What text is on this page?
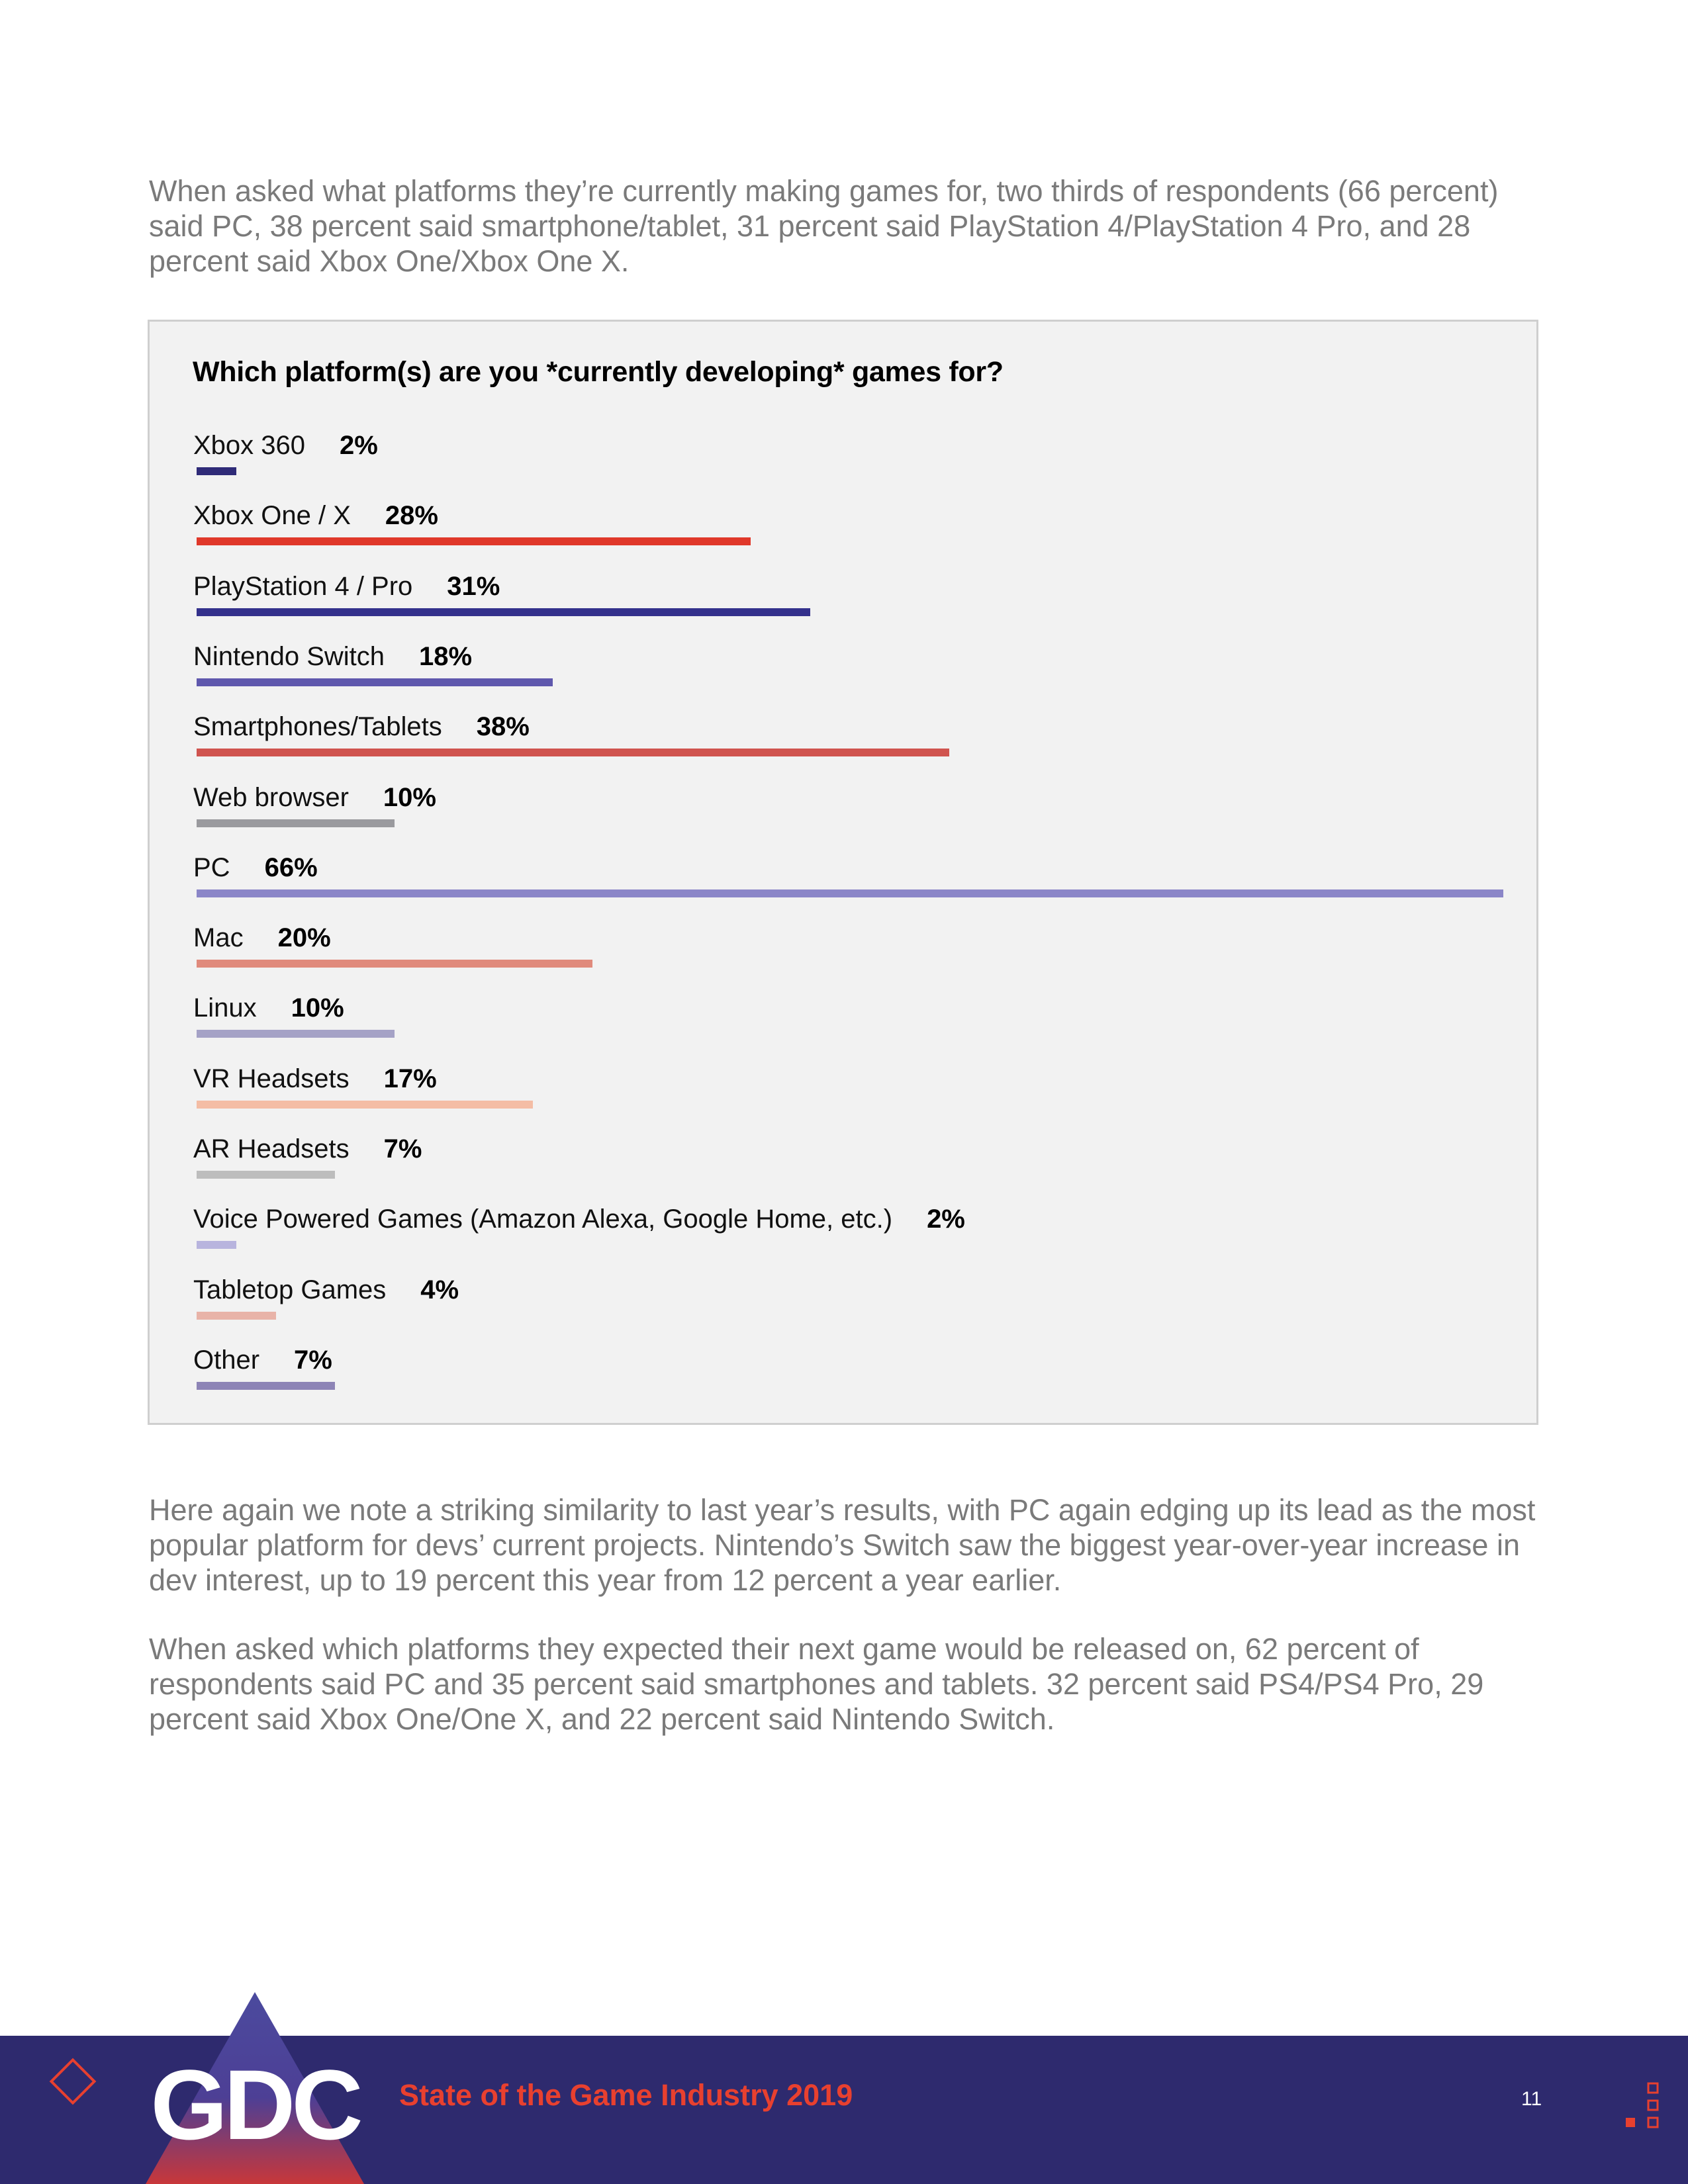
When asked what platforms they’re currently making games for, two thirds of respondents (66 percent) said PC, 38 percent said smartphone/tablet, 31 percent said PlayStation 4/PlayStation 4 Pro, and 28 percent said Xbox One/Xbox One X.

Which platform(s) are you *currently developing* games for?
Xbox 360 2%
Xbox One / X 28%
PlayStation 4 / Pro 31%
Nintendo Switch 18%
Smartphones/Tablets 38%
Web browser 10%
PC 66%
Mac 20%
Linux 10%
VR Headsets 17%
AR Headsets 7%
Voice Powered Games (Amazon Alexa, Google Home, etc.) 2%
Tabletop Games 4%
Other 7%

Here again we note a striking similarity to last year’s results, with PC again edging up its lead as the most popular platform for devs’ current projects. Nintendo’s Switch saw the biggest year-over-year increase in dev interest, up to 19 percent this year from 12 percent a year earlier.

When asked which platforms they expected their next game would be released on, 62 percent of respondents said PC and 35 percent said smartphones and tablets. 32 percent said PS4/PS4 Pro, 29 percent said Xbox One/One X, and 22 percent said Nintendo Switch.

GDC State of the Game Industry 2019	11
